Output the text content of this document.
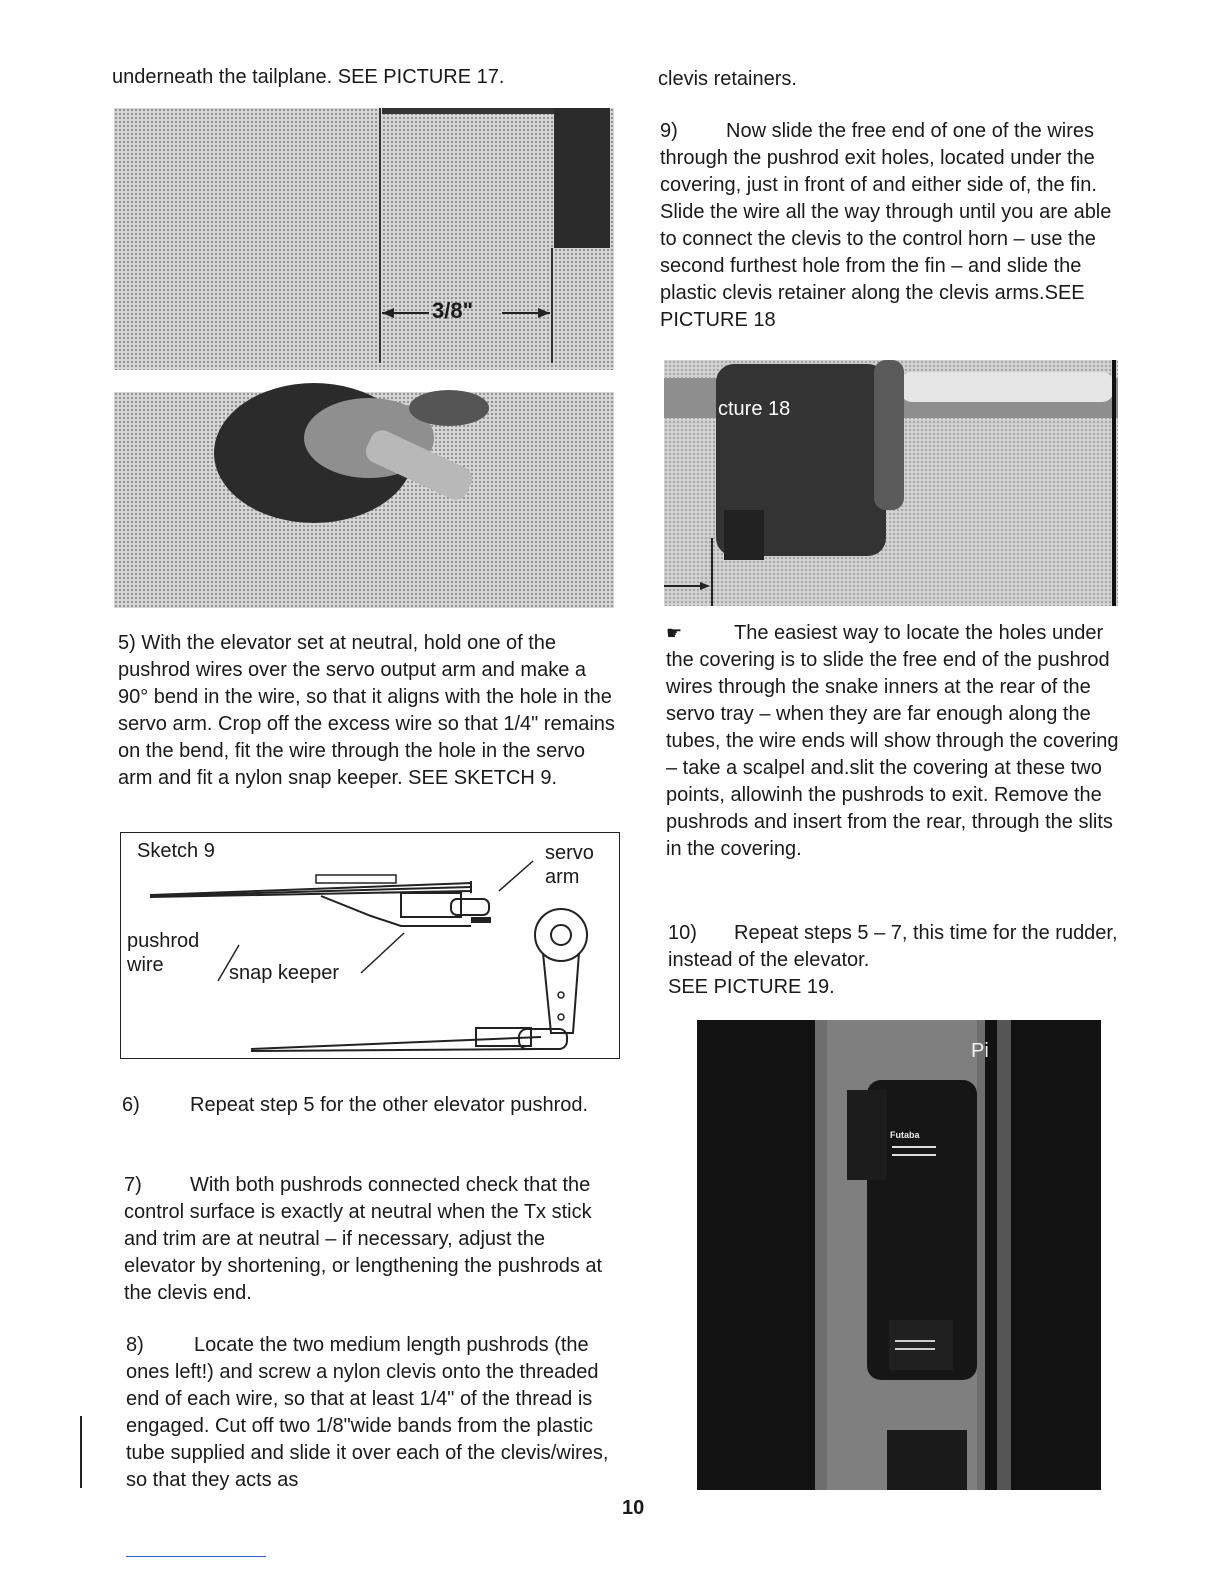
underneath the tailplane. SEE PICTURE 17.
3/8"
5) With the elevator set at neutral, hold one of the pushrod wires over the servo output arm and make a 90° bend in the wire, so that it aligns with the hole in the servo arm. Crop off the excess wire so that 1/4" remains on the bend, fit the wire through the hole in the servo arm and fit a nylon snap keeper. SEE SKETCH 9.
Sketch 9	servo
arm
pushrod
wire	snap keeper
6)	Repeat step 5 for the other elevator pushrod.
7) With both pushrods connected check that the control surface is exactly at neutral when the Tx stick and trim are at neutral – if necessary, adjust the elevator by shortening, or lengthening the pushrods at the clevis end.
8)	Locate the two medium length pushrods (the ones left!) and screw a nylon clevis onto the threaded end of each wire, so that at least 1/4" of the thread is engaged. Cut off two 1/8"wide bands from the plastic tube supplied and slide it over each of the clevis/wires, so that they acts as
clevis retainers.
9) Now slide the free end of one of the wires through the pushrod exit holes, located under the covering, just in front of and either side of, the fin. Slide the wire all the way through until you are able to connect the clevis to the control horn – use the second furthest hole from the fin – and slide the plastic clevis retainer along the clevis arms.SEE PICTURE 18
cture 18
☛	The easiest way to locate the holes under the covering is to slide the free end of the pushrod wires through the snake inners at the rear of the servo tray – when they are far enough along the tubes, the wire ends will show through the covering – take a scalpel and.slit the covering at these two points, allowinh the pushrods to exit. Remove the pushrods and insert from the rear, through the slits in the covering.
10) Repeat steps 5 – 7, this time for the rudder, instead of the elevator.
SEE PICTURE 19.
Futaba
Pi
10
